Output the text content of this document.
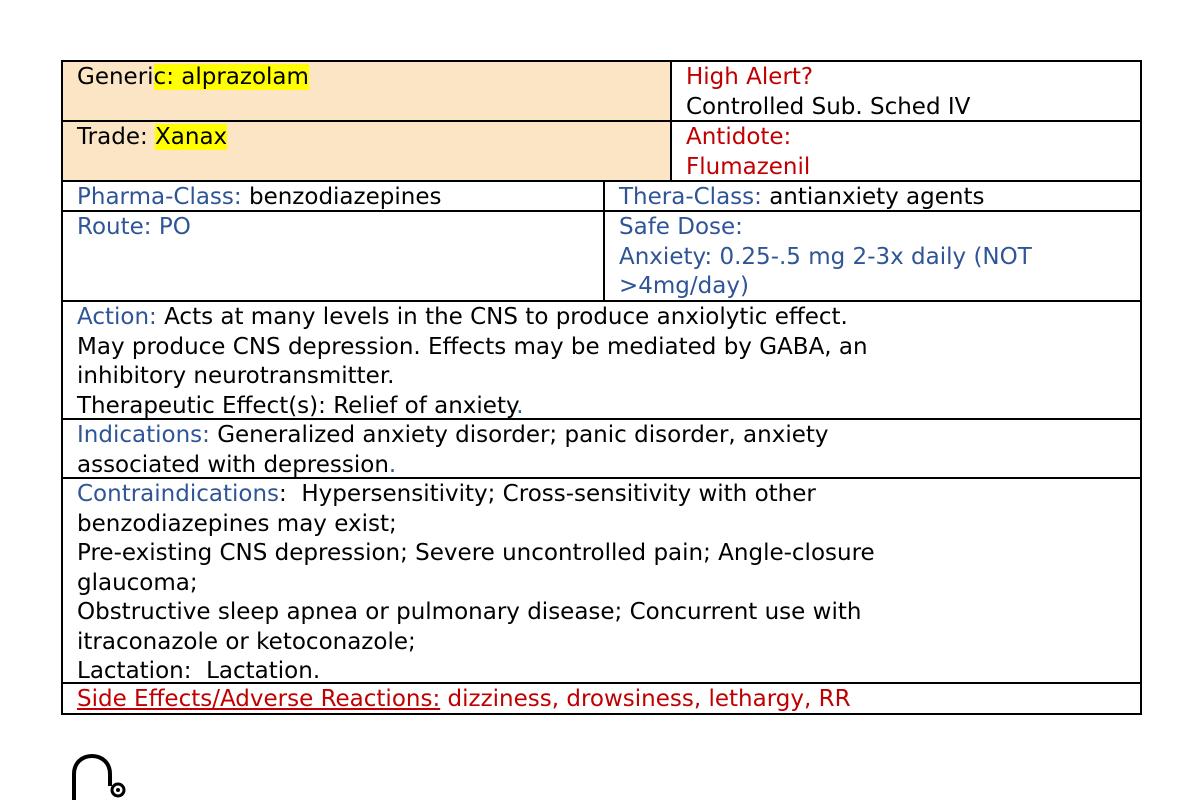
Generic: alprazolam	High Alert?
Controlled Sub. Sched IV
Trade: Xanax	Antidote:
Flumazenil
Pharma-Class: benzodiazepines	Thera-Class: antianxiety agents
Route: PO	Safe Dose:
Anxiety: 0.25-.5 mg 2-3x daily (NOT
>4mg/day)
Action: Acts at many levels in the CNS to produce anxiolytic effect.
May produce CNS depression. Effects may be mediated by GABA, an
inhibitory neurotransmitter.
Therapeutic Effect(s): Relief of anxiety.
Indications: Generalized anxiety disorder; panic disorder, anxiety
associated with depression.
Contraindications:  Hypersensitivity; Cross-sensitivity with other
benzodiazepines may exist;
Pre-existing CNS depression; Severe uncontrolled pain; Angle-closure
glaucoma;
Obstructive sleep apnea or pulmonary disease; Concurrent use with
itraconazole or ketoconazole;
Lactation:  Lactation.
Side Effects/Adverse Reactions: dizziness, drowsiness, lethargy, RR
